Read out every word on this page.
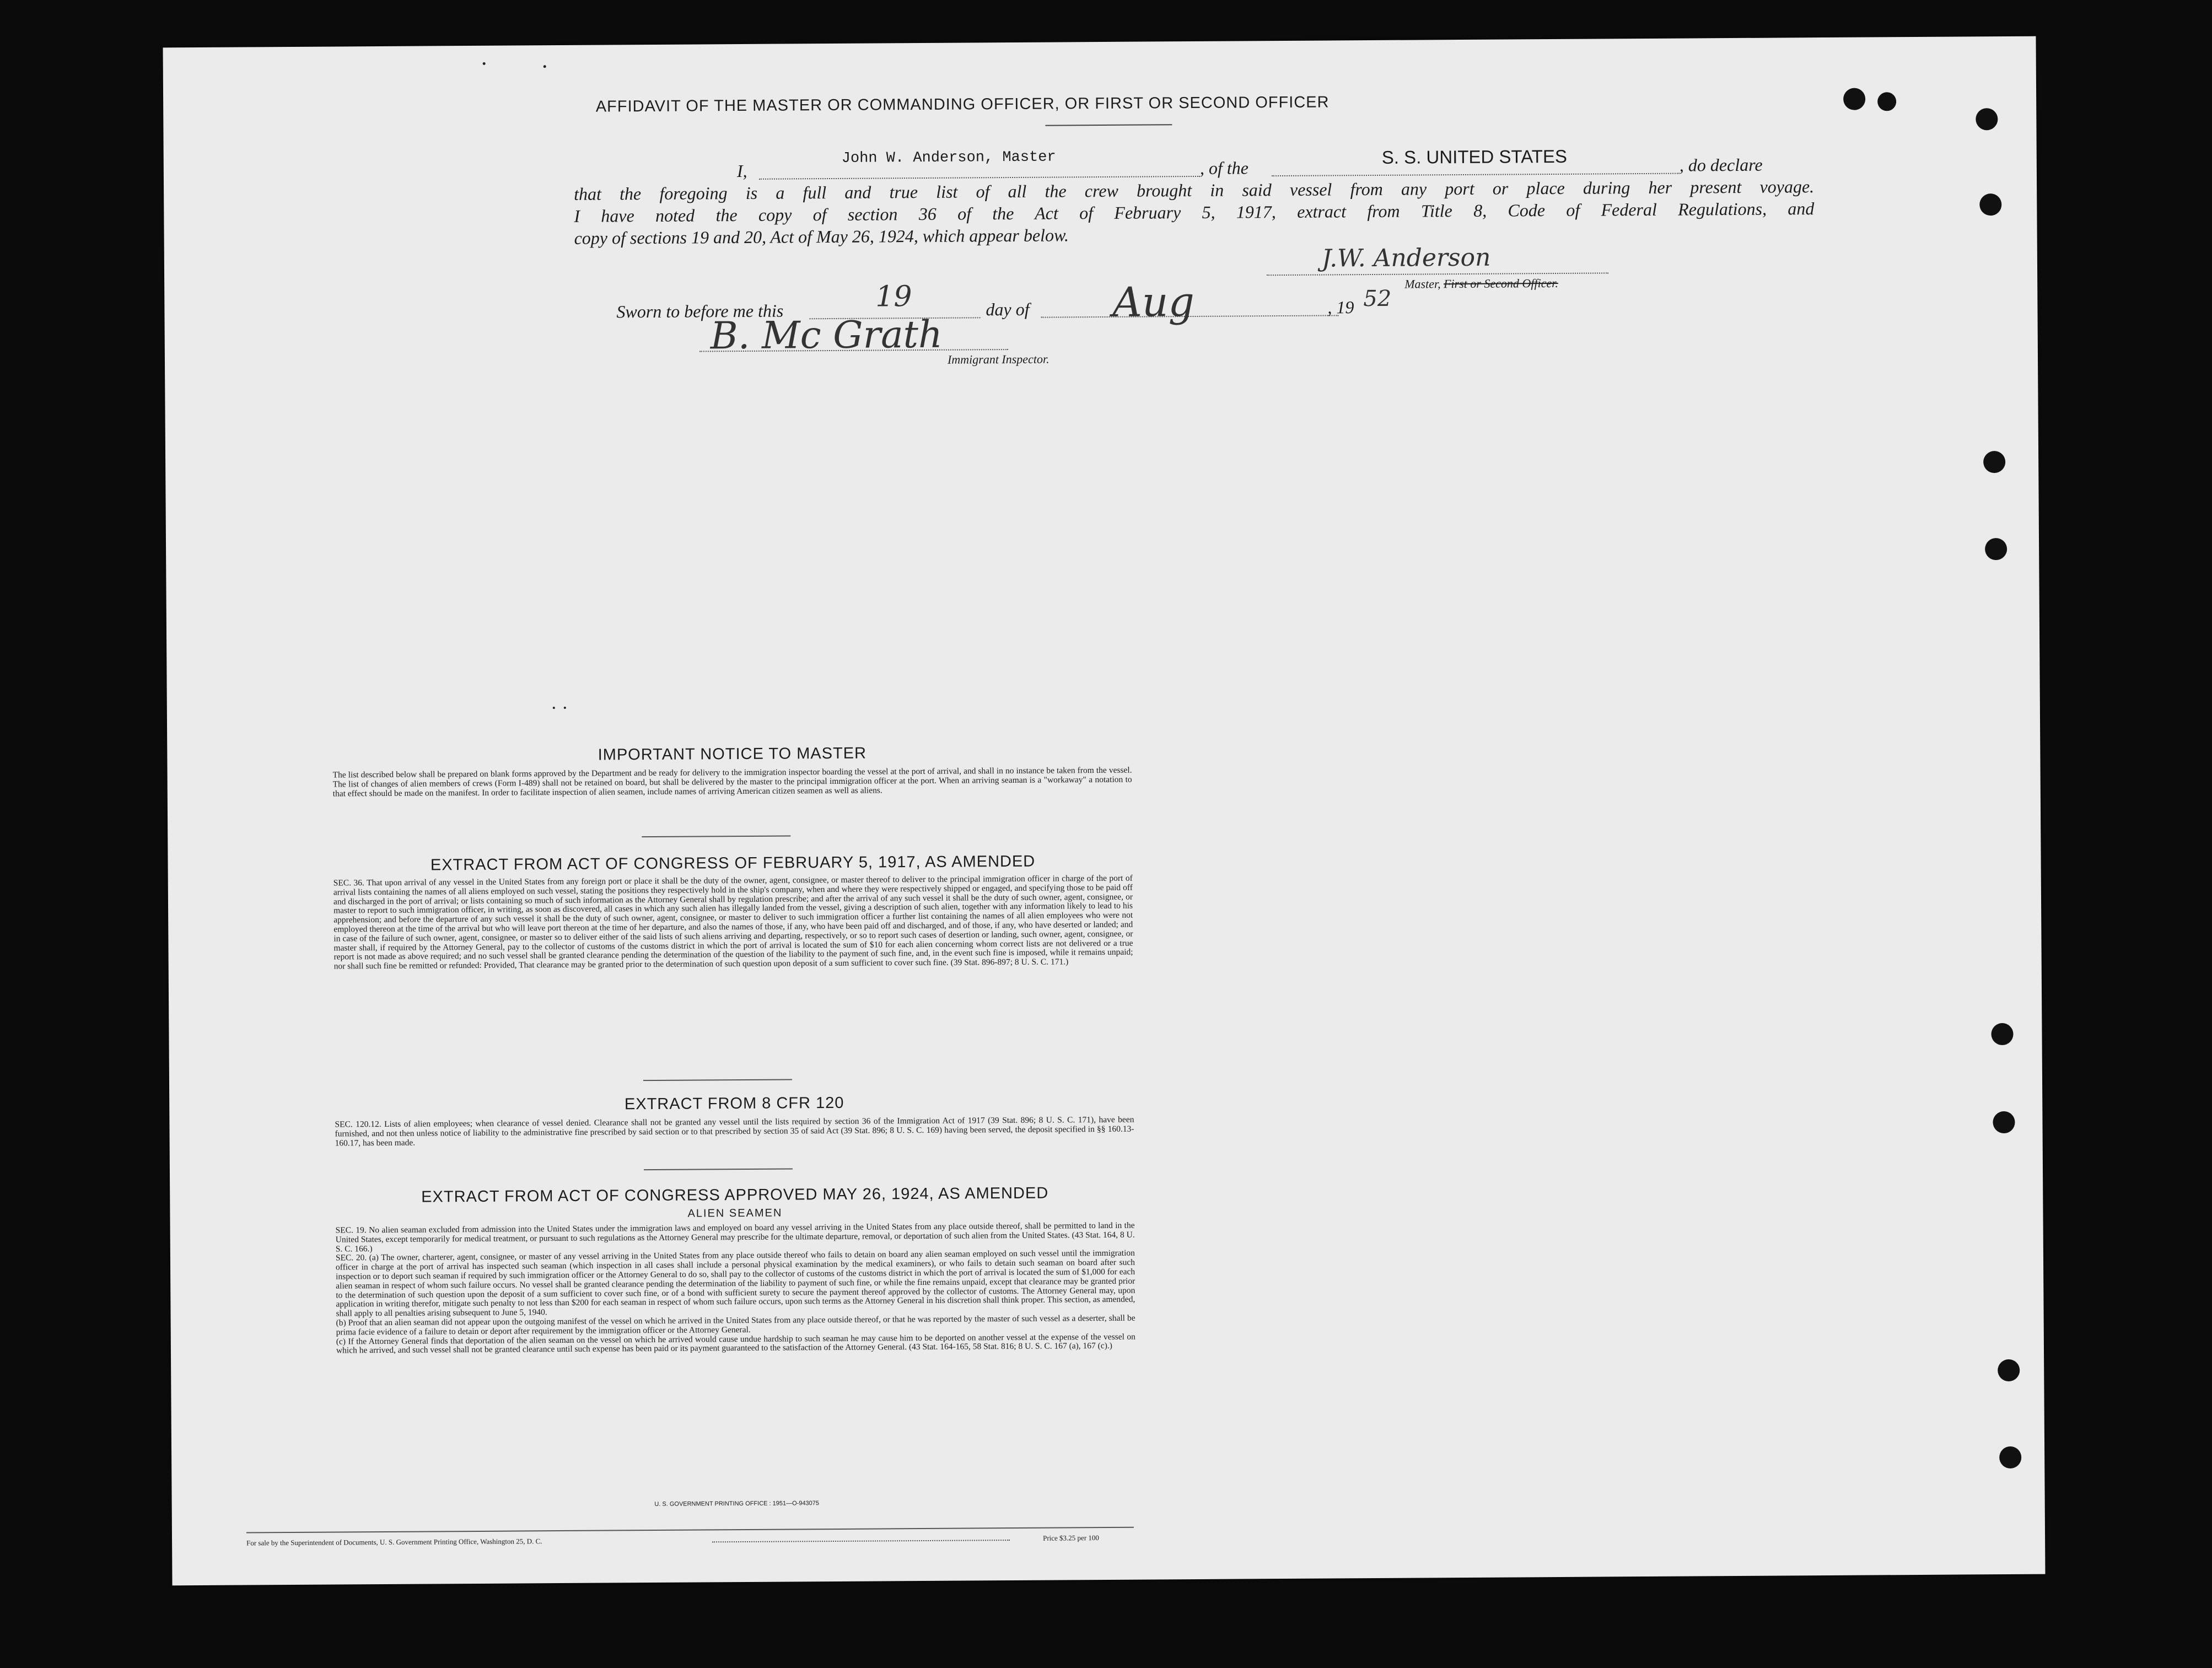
AFFIDAVIT OF THE MASTER OR COMMANDING OFFICER, OR FIRST OR SECOND OFFICER
I,
John W. Anderson, Master	, of the
S. S. UNITED STATES	, do declare
that the foregoing is a full and true list of all the crew brought in said vessel from any port or place during her present voyage.
I have noted the copy of section 36 of the Act of February 5, 1917, extract from Title 8, Code of Federal Regulations, and
copy of sections 19 and 20, Act of May 26, 1924, which appear below.
J.W. Anderson
Master, First or Second Officer.
Sworn to before me this	19	day of Aug	, 19 52
B. Mc Grath
Immigrant Inspector.
IMPORTANT NOTICE TO MASTER
The list described below shall be prepared on blank forms approved by the Department and be ready for delivery to the immigration inspector boarding the vessel at the port of arrival, and shall in no instance be taken from the vessel. The list of changes of alien members of crews (Form I-489) shall not be retained on board, but shall be delivered by the master to the principal immigration officer at the port. When an arriving seaman is a "workaway" a notation to that effect should be made on the manifest. In order to facilitate inspection of alien seamen, include names of arriving American citizen seamen as well as aliens.
EXTRACT FROM ACT OF CONGRESS OF FEBRUARY 5, 1917, AS AMENDED
SEC. 36. That upon arrival of any vessel in the United States from any foreign port or place it shall be the duty of the owner, agent, consignee, or master thereof to deliver to the principal immigration officer in charge of the port of arrival lists containing the names of all aliens employed on such vessel, stating the positions they respectively hold in the ship's company, when and where they were respectively shipped or engaged, and specifying those to be paid off and discharged in the port of arrival; or lists containing so much of such information as the Attorney General shall by regulation prescribe; and after the arrival of any such vessel it shall be the duty of such owner, agent, consignee, or master to report to such immigration officer, in writing, as soon as discovered, all cases in which any such alien has illegally landed from the vessel, giving a description of such alien, together with any information likely to lead to his apprehension; and before the departure of any such vessel it shall be the duty of such owner, agent, consignee, or master to deliver to such immigration officer a further list containing the names of all alien employees who were not employed thereon at the time of the arrival but who will leave port thereon at the time of her departure, and also the names of those, if any, who have been paid off and discharged, and of those, if any, who have deserted or landed; and in case of the failure of such owner, agent, consignee, or master so to deliver either of the said lists of such aliens arriving and departing, respectively, or so to report such cases of desertion or landing, such owner, agent, consignee, or master shall, if required by the Attorney General, pay to the collector of customs of the customs district in which the port of arrival is located the sum of $10 for each alien concerning whom correct lists are not delivered or a true report is not made as above required; and no such vessel shall be granted clearance pending the determination of the question of the liability to the payment of such fine, and, in the event such fine is imposed, while it remains unpaid; nor shall such fine be remitted or refunded: Provided, That clearance may be granted prior to the determination of such question upon deposit of a sum sufficient to cover such fine. (39 Stat. 896-897; 8 U. S. C. 171.)
EXTRACT FROM 8 CFR 120
SEC. 120.12. Lists of alien employees; when clearance of vessel denied. Clearance shall not be granted any vessel until the lists required by section 36 of the Immigration Act of 1917 (39 Stat. 896; 8 U. S. C. 171), have been furnished, and not then unless notice of liability to the administrative fine prescribed by said section or to that prescribed by section 35 of said Act (39 Stat. 896; 8 U. S. C. 169) having been served, the deposit specified in §§ 160.13-160.17, has been made.
EXTRACT FROM ACT OF CONGRESS APPROVED MAY 26, 1924, AS AMENDED
ALIEN SEAMEN
SEC. 19. No alien seaman excluded from admission into the United States under the immigration laws and employed on board any vessel arriving in the United States from any place outside thereof, shall be permitted to land in the United States, except temporarily for medical treatment, or pursuant to such regulations as the Attorney General may prescribe for the ultimate departure, removal, or deportation of such alien from the United States. (43 Stat. 164, 8 U. S. C. 166.)
SEC. 20. (a) The owner, charterer, agent, consignee, or master of any vessel arriving in the United States from any place outside thereof who fails to detain on board any alien seaman employed on such vessel until the immigration officer in charge at the port of arrival has inspected such seaman (which inspection in all cases shall include a personal physical examination by the medical examiners), or who fails to detain such seaman on board after such inspection or to deport such seaman if required by such immigration officer or the Attorney General to do so, shall pay to the collector of customs of the customs district in which the port of arrival is located the sum of $1,000 for each alien seaman in respect of whom such failure occurs. No vessel shall be granted clearance pending the determination of the liability to payment of such fine, or while the fine remains unpaid, except that clearance may be granted prior to the determination of such question upon the deposit of a sum sufficient to cover such fine, or of a bond with sufficient surety to secure the payment thereof approved by the collector of customs. The Attorney General may, upon application in writing therefor, mitigate such penalty to not less than $200 for each seaman in respect of whom such failure occurs, upon such terms as the Attorney General in his discretion shall think proper. This section, as amended, shall apply to all penalties arising subsequent to June 5, 1940.
(b) Proof that an alien seaman did not appear upon the outgoing manifest of the vessel on which he arrived in the United States from any place outside thereof, or that he was reported by the master of such vessel as a deserter, shall be prima facie evidence of a failure to detain or deport after requirement by the immigration officer or the Attorney General.
(c) If the Attorney General finds that deportation of the alien seaman on the vessel on which he arrived would cause undue hardship to such seaman he may cause him to be deported on another vessel at the expense of the vessel on which he arrived, and such vessel shall not be granted clearance until such expense has been paid or its payment guaranteed to the satisfaction of the Attorney General. (43 Stat. 164-165, 58 Stat. 816; 8 U. S. C. 167 (a), 167 (c).)
U. S. GOVERNMENT PRINTING OFFICE : 1951—O-943075
For sale by the Superintendent of Documents, U. S. Government Printing Office, Washington 25, D. C.	Price $3.25 per 100
